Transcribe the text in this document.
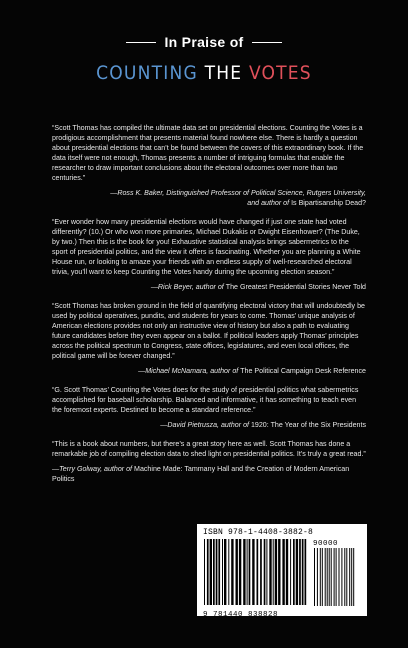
In Praise of
COUNTING THE VOTES

“Scott Thomas has compiled the ultimate data set on presidential elections. Counting the Votes is a prodigious accomplishment that presents material found nowhere else. There is hardly a question about presidential elections that can’t be found between the covers of this extraordinary book. If the data itself were not enough, Thomas presents a number of intriguing formulas that enable the researcher to draw important conclusions about the electoral outcomes over more than two centuries.”

—Ross K. Baker, Distinguished Professor of Political Science, Rutgers University,
and author of Is Bipartisanship Dead?

“Ever wonder how many presidential elections would have changed if just one state had voted differently? (10.) Or who won more primaries, Michael Dukakis or Dwight Eisenhower? (The Duke, by two.) Then this is the book for you! Exhaustive statistical analysis brings sabermetrics to the sport of presidential politics, and the view it offers is fascinating. Whether you are planning a White House run, or looking to amaze your friends with an endless supply of well-researched electoral trivia, you’ll want to keep Counting the Votes handy during the upcoming election season.”

—Rick Beyer, author of The Greatest Presidential Stories Never Told

“Scott Thomas has broken ground in the field of quantifying electoral victory that will undoubtedly be used by political operatives, pundits, and students for years to come. Thomas’ unique analysis of American elections provides not only an instructive view of history but also a path to evaluating future candidates before they even appear on a ballot. If political leaders apply Thomas’ principles across the political spectrum to Congress, state offices, legislatures, and even local offices, the political game will be forever changed.”

—Michael McNamara, author of The Political Campaign Desk Reference

“G. Scott Thomas’ Counting the Votes does for the study of presidential politics what sabermetrics accomplished for baseball scholarship. Balanced and informative, it has something to teach even the foremost experts. Destined to become a standard reference.”

—David Pietrusza, author of 1920: The Year of the Six Presidents

“This is a book about numbers, but there’s a great story here as well. Scott Thomas has done a remarkable job of compiling election data to shed light on presidential politics. It’s truly a great read.”

—Terry Golway, author of Machine Made: Tammany Hall and the Creation of Modern American Politics
ISBN 978-1-4408-3882-8
9 781440 838828
90000
